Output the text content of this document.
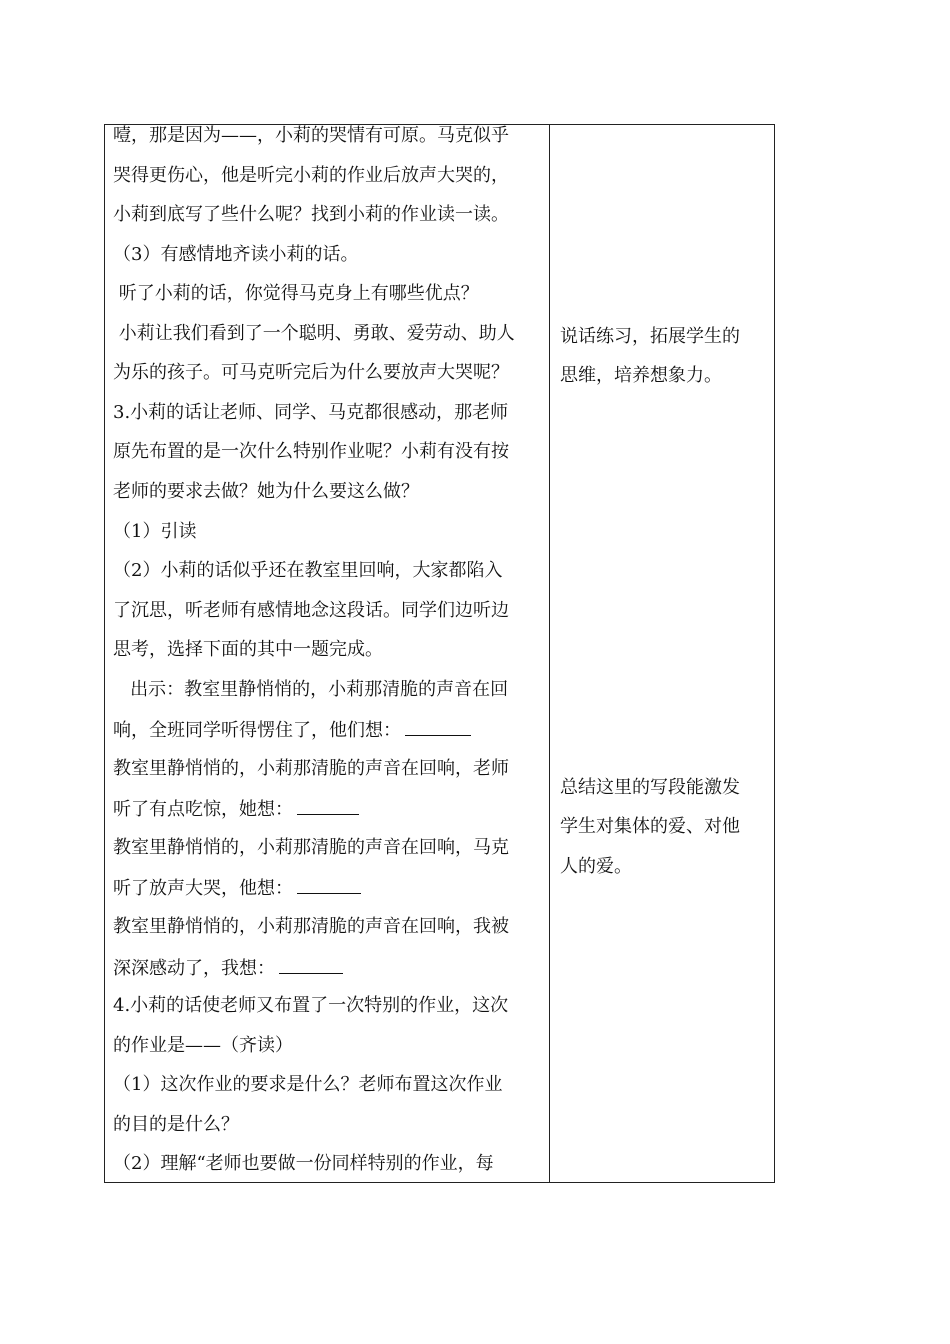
噎，那是因为——，小莉的哭情有可原。马克似乎
哭得更伤心，他是听完小莉的作业后放声大哭的，
小莉到底写了些什么呢？找到小莉的作业读一读。
（3）有感情地齐读小莉的话。
听了小莉的话，你觉得马克身上有哪些优点？
小莉让我们看到了一个聪明、勇敢、爱劳动、助人
为乐的孩子。可马克听完后为什么要放声大哭呢？
3.小莉的话让老师、同学、马克都很感动，那老师
原先布置的是一次什么特别作业呢？小莉有没有按
老师的要求去做？她为什么要这么做？
（1）引读
（2）小莉的话似乎还在教室里回响，大家都陷入
了沉思，听老师有感情地念这段话。同学们边听边
思考，选择下面的其中一题完成。
出示：教室里静悄悄的，小莉那清脆的声音在回
响，全班同学听得愣住了，他们想：
教室里静悄悄的，小莉那清脆的声音在回响，老师
听了有点吃惊，她想：
教室里静悄悄的，小莉那清脆的声音在回响，马克
听了放声大哭，他想：
教室里静悄悄的，小莉那清脆的声音在回响，我被
深深感动了，我想：
4.小莉的话使老师又布置了一次特别的作业，这次
的作业是——（齐读）
（1）这次作业的要求是什么？老师布置这次作业
的目的是什么？
（2）理解“老师也要做一份同样特别的作业，每
说话练习，拓展学生的
思维，培养想象力。
总结这里的写段能激发
学生对集体的爱、对他
人的爱。
